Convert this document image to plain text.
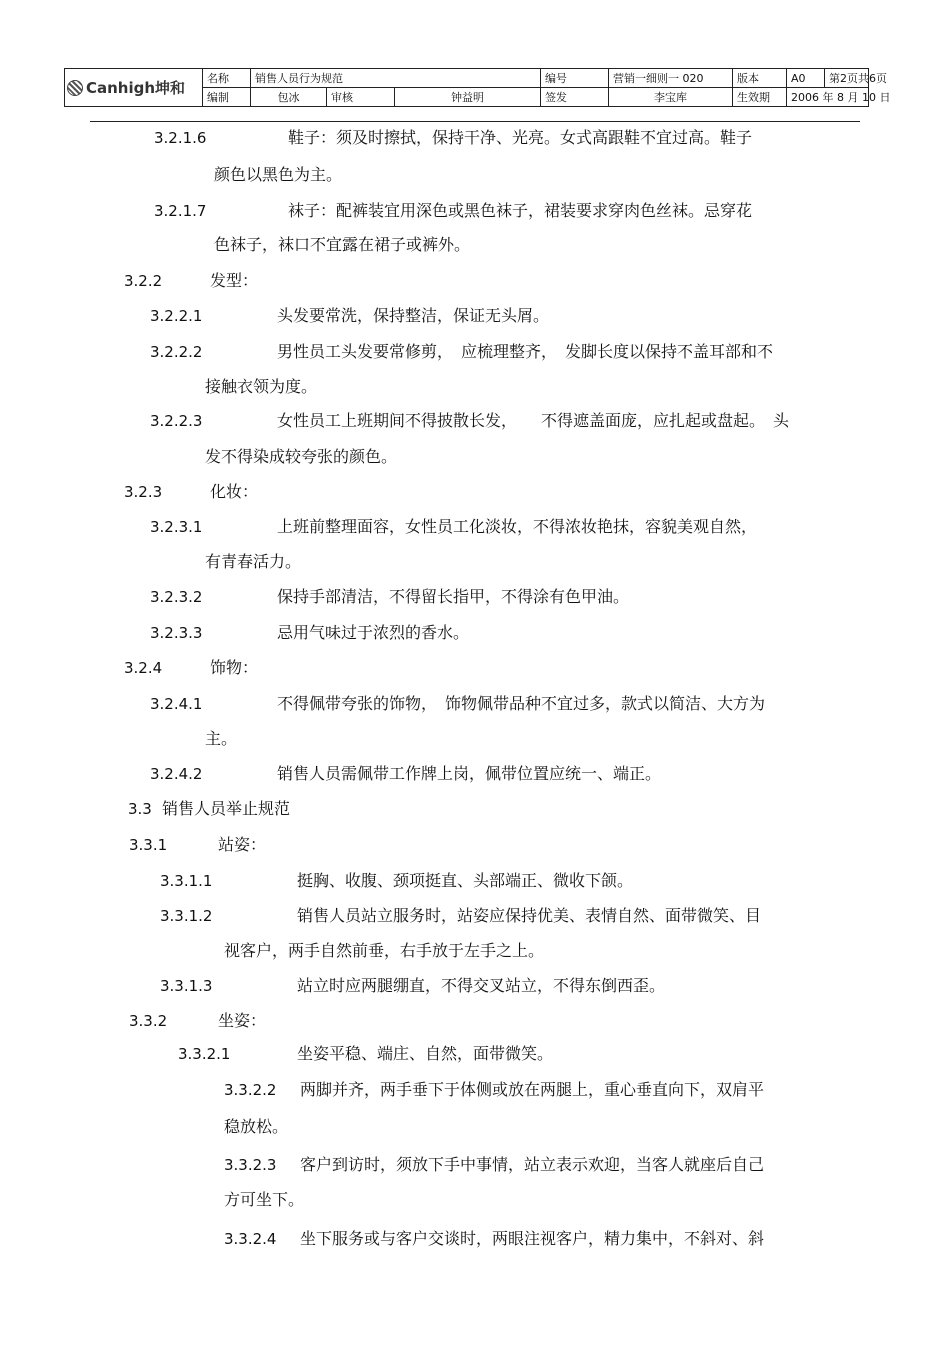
Canhigh坤和	名称	销售人员行为规范			编号	营销一细则一 020	版本	A0	第2页共6页
	编制	包冰	审核	钟益明	签发	李宝库	生效期	2006 年 8 月 10 日	
3.2.1.6	鞋子：须及时擦拭，保持干净、光亮。女式高跟鞋不宜过高。鞋子
颜色以黑色为主。
3.2.1.7	袜子：配裤装宜用深色或黑色袜子，裙装要求穿肉色丝袜。忌穿花
色袜子，袜口不宜露在裙子或裤外。
3.2.2	发型：
3.2.2.1	头发要常洗，保持整洁，保证无头屑。
3.2.2.2	男性员工头发要常修剪，　应梳理整齐，　发脚长度以保持不盖耳部和不
接触衣领为度。
3.2.2.3	女性员工上班期间不得披散长发，　　不得遮盖面庞，应扎起或盘起。　头
发不得染成较夸张的颜色。
3.2.3	化妆：
3.2.3.1	上班前整理面容，女性员工化淡妆，不得浓妆艳抹，容貌美观自然，
有青春活力。
3.2.3.2	保持手部清洁，不得留长指甲，不得涂有色甲油。
3.2.3.3	忌用气味过于浓烈的香水。
3.2.4	饰物：
3.2.4.1	不得佩带夸张的饰物，　饰物佩带品种不宜过多，款式以简洁、大方为
主。
3.2.4.2	销售人员需佩带工作牌上岗，佩带位置应统一、端正。
3.3 销售人员举止规范
3.3.1	站姿：
3.3.1.1	挺胸、收腹、颈项挺直、头部端正、微收下颌。
3.3.1.2	销售人员站立服务时，站姿应保持优美、表情自然、面带微笑、目
视客户，两手自然前垂，右手放于左手之上。
3.3.1.3	站立时应两腿绷直，不得交叉站立，不得东倒西歪。
3.3.2	坐姿：
3.3.2.1	坐姿平稳、端庄、自然，面带微笑。
3.3.2.2 两脚并齐，两手垂下于体侧或放在两腿上，重心垂直向下，双肩平
稳放松。
3.3.2.3 客户到访时，须放下手中事情，站立表示欢迎，当客人就座后自己
方可坐下。
3.3.2.4 坐下服务或与客户交谈时，两眼注视客户，精力集中，不斜对、斜
